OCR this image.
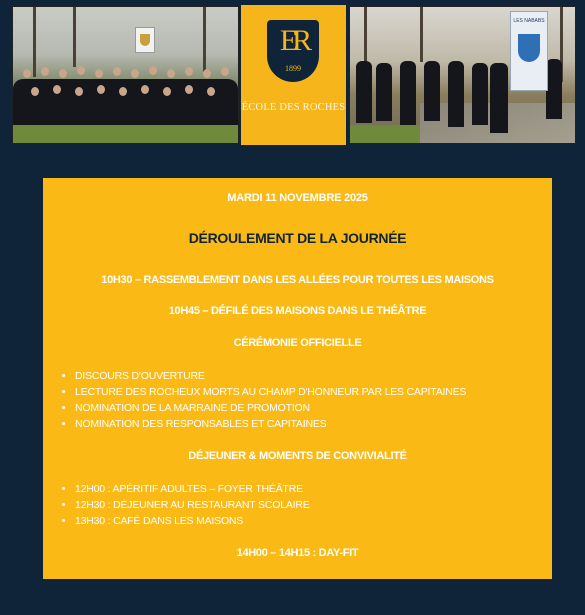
ER
1899
ÉCOLE DES ROCHES
LES NABABS
MARDI 11 NOVEMBRE 2025
DÉROULEMENT DE LA JOURNÉE
10H30 – RASSEMBLEMENT DANS LES ALLÉES POUR TOUTES LES MAISONS
10H45 – DÉFILÉ DES MAISONS DANS LE THÉÂTRE
CÉRÉMONIE OFFICIELLE
• DISCOURS D'OUVERTURE
• LECTURE DES ROCHEUX MORTS AU CHAMP D'HONNEUR PAR LES CAPITAINES
• NOMINATION DE LA MARRAINE DE PROMOTION
• NOMINATION DES RESPONSABLES ET CAPITAINES
DÉJEUNER & MOMENTS DE CONVIVIALITÉ
• 12H00 : APÉRITIF ADULTES – FOYER THÉÂTRE
• 12H30 : DÉJEUNER AU RESTAURANT SCOLAIRE
• 13H30 : CAFÉ DANS LES MAISONS
14H00 – 14H15 : DAY-FIT
